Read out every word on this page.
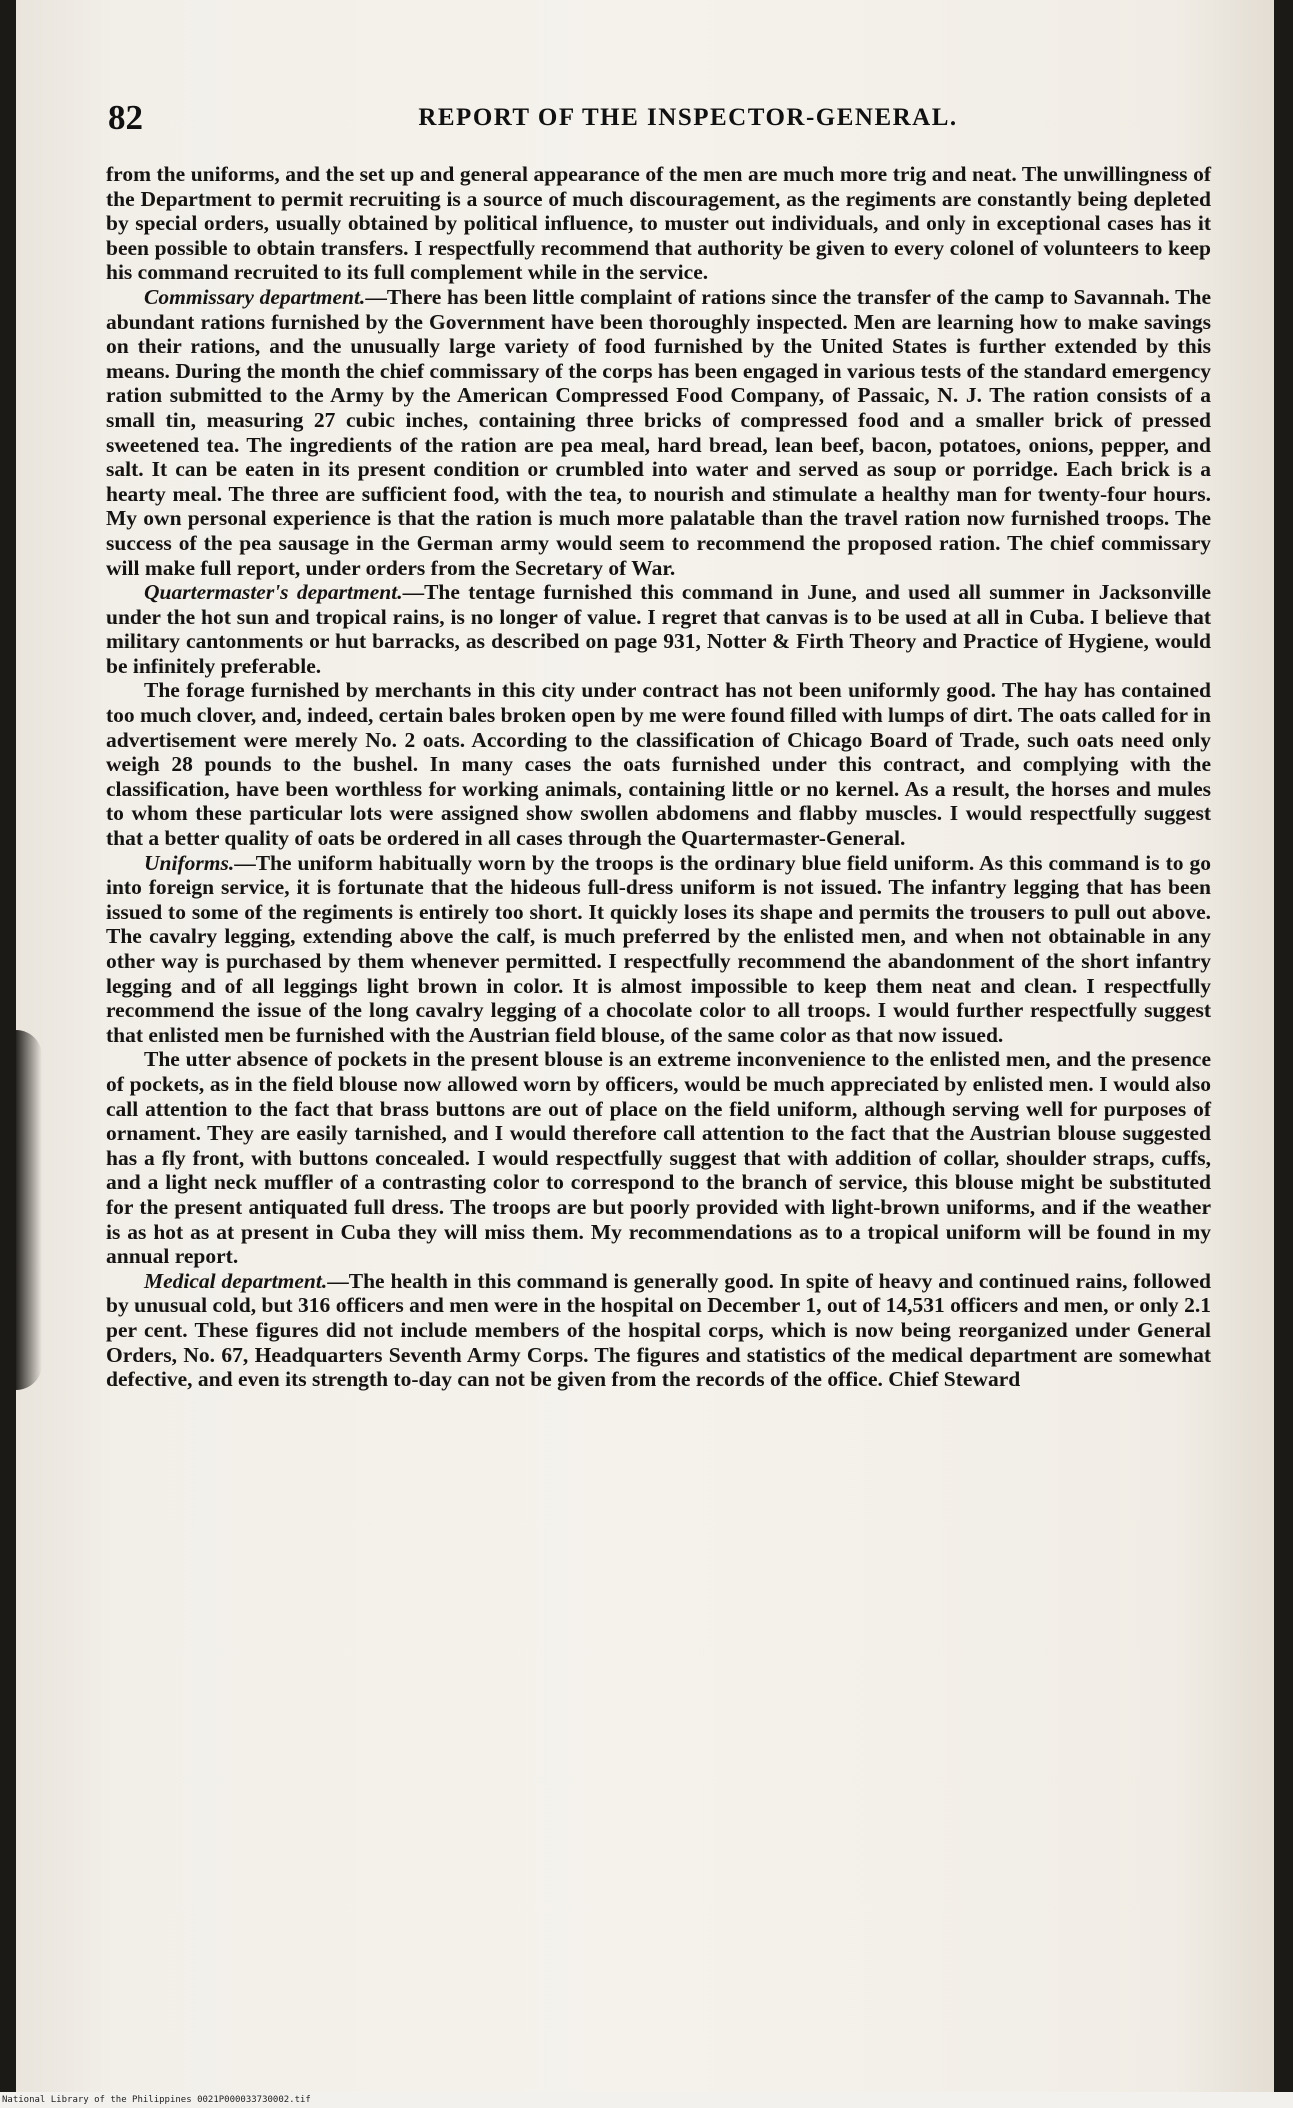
82	REPORT OF THE INSPECTOR-GENERAL.

from the uniforms, and the set up and general appearance of the men are much more trig and neat. The unwillingness of the Department to permit recruiting is a source of much discouragement, as the regiments are constantly being depleted by special orders, usually obtained by political influence, to muster out individuals, and only in exceptional cases has it been possible to obtain transfers. I respectfully recommend that authority be given to every colonel of volunteers to keep his command recruited to its full complement while in the service.

Commissary department.—There has been little complaint of rations since the transfer of the camp to Savannah. The abundant rations furnished by the Government have been thoroughly inspected. Men are learning how to make savings on their rations, and the unusually large variety of food furnished by the United States is further extended by this means. During the month the chief commissary of the corps has been engaged in various tests of the standard emergency ration submitted to the Army by the American Compressed Food Company, of Passaic, N. J. The ration consists of a small tin, measuring 27 cubic inches, containing three bricks of compressed food and a smaller brick of pressed sweetened tea. The ingredients of the ration are pea meal, hard bread, lean beef, bacon, potatoes, onions, pepper, and salt. It can be eaten in its present condition or crumbled into water and served as soup or porridge. Each brick is a hearty meal. The three are sufficient food, with the tea, to nourish and stimulate a healthy man for twenty-four hours. My own personal experience is that the ration is much more palatable than the travel ration now furnished troops. The success of the pea sausage in the German army would seem to recommend the proposed ration. The chief commissary will make full report, under orders from the Secretary of War.

Quartermaster's department.—The tentage furnished this command in June, and used all summer in Jacksonville under the hot sun and tropical rains, is no longer of value. I regret that canvas is to be used at all in Cuba. I believe that military cantonments or hut barracks, as described on page 931, Notter & Firth Theory and Practice of Hygiene, would be infinitely preferable.

The forage furnished by merchants in this city under contract has not been uniformly good. The hay has contained too much clover, and, indeed, certain bales broken open by me were found filled with lumps of dirt. The oats called for in advertisement were merely No. 2 oats. According to the classification of Chicago Board of Trade, such oats need only weigh 28 pounds to the bushel. In many cases the oats furnished under this contract, and complying with the classification, have been worthless for working animals, containing little or no kernel. As a result, the horses and mules to whom these particular lots were assigned show swollen abdomens and flabby muscles. I would respectfully suggest that a better quality of oats be ordered in all cases through the Quartermaster-General.

Uniforms.—The uniform habitually worn by the troops is the ordinary blue field uniform. As this command is to go into foreign service, it is fortunate that the hideous full-dress uniform is not issued. The infantry legging that has been issued to some of the regiments is entirely too short. It quickly loses its shape and permits the trousers to pull out above. The cavalry legging, extending above the calf, is much preferred by the enlisted men, and when not obtainable in any other way is purchased by them whenever permitted. I respectfully recommend the abandonment of the short infantry legging and of all leggings light brown in color. It is almost impossible to keep them neat and clean. I respectfully recommend the issue of the long cavalry legging of a chocolate color to all troops. I would further respectfully suggest that enlisted men be furnished with the Austrian field blouse, of the same color as that now issued.

The utter absence of pockets in the present blouse is an extreme inconvenience to the enlisted men, and the presence of pockets, as in the field blouse now allowed worn by officers, would be much appreciated by enlisted men. I would also call attention to the fact that brass buttons are out of place on the field uniform, although serving well for purposes of ornament. They are easily tarnished, and I would therefore call attention to the fact that the Austrian blouse suggested has a fly front, with buttons concealed. I would respectfully suggest that with addition of collar, shoulder straps, cuffs, and a light neck muffler of a contrasting color to correspond to the branch of service, this blouse might be substituted for the present antiquated full dress. The troops are but poorly provided with light-brown uniforms, and if the weather is as hot as at present in Cuba they will miss them. My recommendations as to a tropical uniform will be found in my annual report.

Medical department.—The health in this command is generally good. In spite of heavy and continued rains, followed by unusual cold, but 316 officers and men were in the hospital on December 1, out of 14,531 officers and men, or only 2.1 per cent. These figures did not include members of the hospital corps, which is now being reorganized under General Orders, No. 67, Headquarters Seventh Army Corps. The figures and statistics of the medical department are somewhat defective, and even its strength to-day can not be given from the records of the office. Chief Steward

National Library of the Philippines 0021P000033730002.tif
